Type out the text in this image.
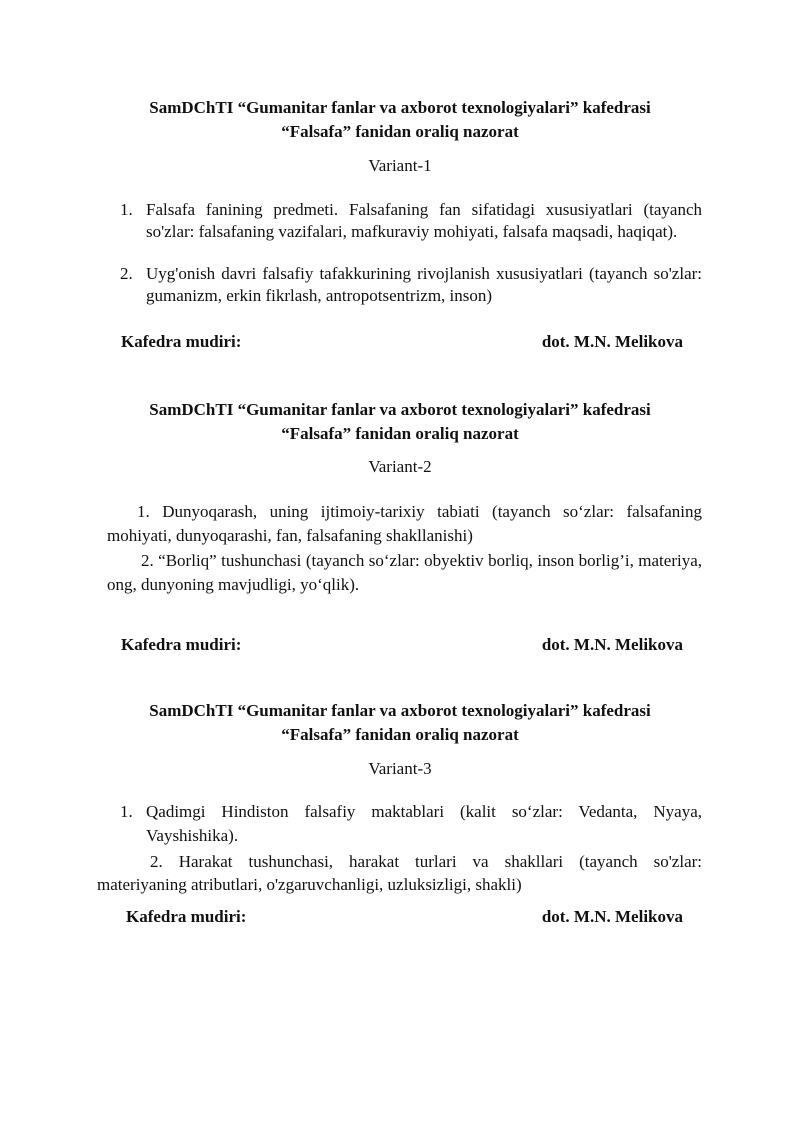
SamDChTI “Gumanitar fanlar va axborot texnologiyalari” kafedrasi
“Falsafa” fanidan oraliq nazorat
Variant-1
1. Falsafa fanining predmeti. Falsafaning fan sifatidagi xususiyatlari (tayanch so'zlar: falsafaning vazifalari, mafkuraviy mohiyati, falsafa maqsadi, haqiqat).
2. Uyg'onish davri falsafiy tafakkurining rivojlanish xususiyatlari (tayanch so'zlar: gumanizm, erkin fikrlash, antropotsentrizm, inson)
Kafedra mudiri:	dot. M.N. Melikova
SamDChTI “Gumanitar fanlar va axborot texnologiyalari” kafedrasi
“Falsafa” fanidan oraliq nazorat
Variant-2
1. Dunyoqarash, uning ijtimoiy-tarixiy tabiati (tayanch so‘zlar: falsafaning mohiyati, dunyoqarashi, fan, falsafaning shakllanishi)
2. “Borliq” tushunchasi (tayanch so‘zlar: obyektiv borliq, inson borlig’i, materiya, ong, dunyoning mavjudligi, yo‘qlik).
Kafedra mudiri:	dot. M.N. Melikova
SamDChTI “Gumanitar fanlar va axborot texnologiyalari” kafedrasi
“Falsafa” fanidan oraliq nazorat
Variant-3
1. Qadimgi Hindiston falsafiy maktablari (kalit so‘zlar: Vedanta, Nyaya, Vayshishika).
2. Harakat tushunchasi, harakat turlari va shakllari (tayanch so'zlar: materiyaning atributlari, o'zgaruvchanligi, uzluksizligi, shakli)
Kafedra mudiri:	dot. M.N. Melikova
